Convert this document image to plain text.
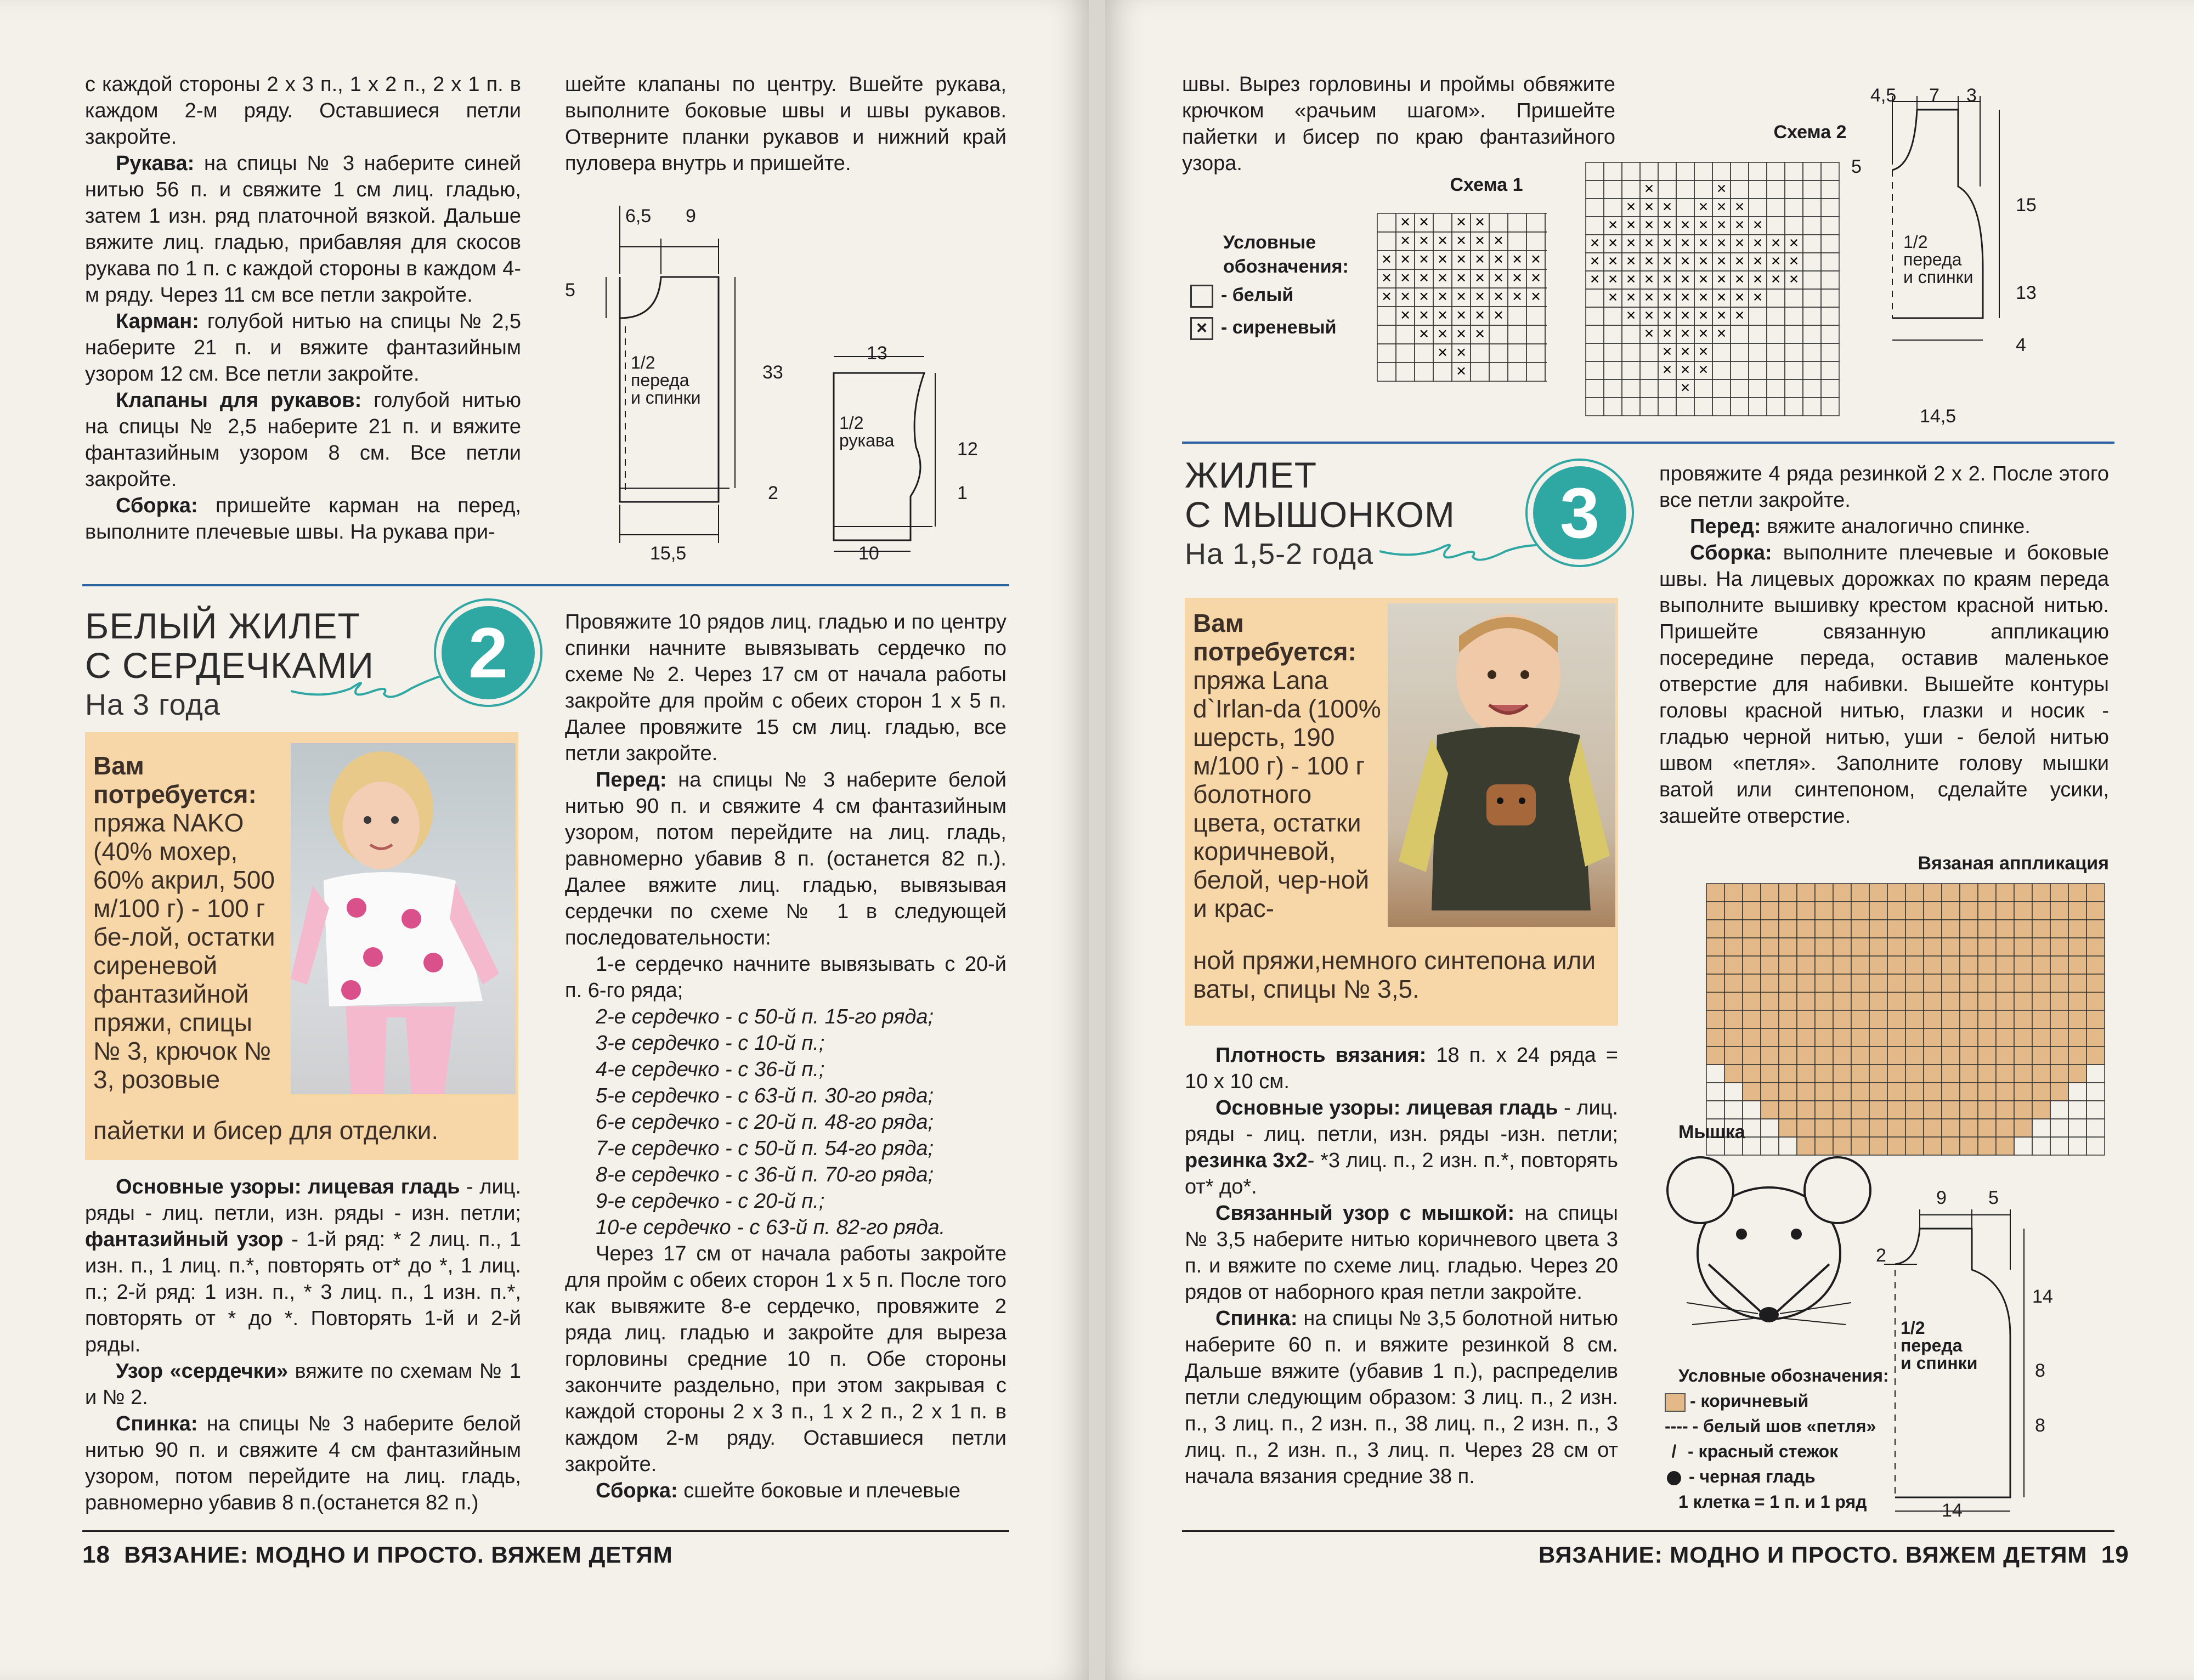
с каждой стороны 2 х 3 п., 1 х 2 п., 2 х 1 п. в каждом 2-м ряду. Оставшиеся петли закройте.

Рукава: на спицы № 3 наберите синей нитью 56 п. и свяжите 1 см лиц. гладью, затем 1 изн. ряд платочной вязкой. Дальше вяжите лиц. гладью, прибавляя для скосов рукава по 1 п. с каждой стороны в каждом 4-м ряду. Через 11 см все петли закройте.

Карман: голубой нитью на спицы № 2,5 наберите 21 п. и вяжите фантазийным узором 12 см. Все петли закройте.

Клапаны для рукавов: голубой нитью на спицы № 2,5 наберите 21 п. и вяжите фантазийным узором 8 см. Все петли закройте.

Сборка: пришейте карман на перед, выполните плечевые швы. На рукава при-

шейте клапаны по центру. Вшейте рукава, выполните боковые швы и швы рукавов. Отверните планки рукавов и нижний край пуловера внутрь и пришейте.

6,5 9
5
33
2
15,5
1/2
переда
и спинки
13
12
1
10
1/2
рукава
БЕЛЫЙ ЖИЛЕТ
С СЕРДЕЧКАМИ
На 3 года
2
Вам потребуется:
пряжа NAKO (40% мохер, 60% акрил, 500 м/100 г) - 100 г бе-лой, остатки сиреневой фантазийной пряжи, спицы № 3, крючок № 3, розовые
пайетки и бисер для отделки.

Основные узоры: лицевая гладь - лиц. ряды - лиц. петли, изн. ряды - изн. петли; фантазийный узор - 1-й ряд: * 2 лиц. п., 1 изн. п., 1 лиц. п.*, повторять от* до *, 1 лиц. п.; 2-й ряд: 1 изн. п., * 3 лиц. п., 1 изн. п.*, повторять от * до *. Повторять 1-й и 2-й ряды.

Узор «сердечки» вяжите по схемам № 1 и № 2.

Спинка: на спицы № 3 наберите белой нитью 90 п. и свяжите 4 см фантазийным узором, потом перейдите на лиц. гладь, равномерно убавив 8 п.(останется 82 п.)

Провяжите 10 рядов лиц. гладью и по центру спинки начните вывязывать сердечко по схеме № 2. Через 17 см от начала работы закройте для пройм с обеих сторон 1 х 5 п. Далее провяжите 15 см лиц. гладью, все петли закройте.

Перед: на спицы № 3 наберите белой нитью 90 п. и свяжите 4 см фантазийным узором, потом перейдите на лиц. гладь, равномерно убавив 8 п. (останется 82 п.). Далее вяжите лиц. гладью, вывязывая сердечки по схеме № 1 в следующей последовательности:

1-е сердечко начните вывязывать с 20-й п. 6-го ряда;

2-е сердечко - с 50-й п. 15-го ряда;

3-е сердечко - с 10-й п.;

4-е сердечко - с 36-й п.;

5-е сердечко - с 63-й п. 30-го ряда;

6-е сердечко - с 20-й п. 48-го ряда;

7-е сердечко - с 50-й п. 54-го ряда;

8-е сердечко - с 36-й п. 70-го ряда;

9-е сердечко - с 20-й п.;

10-е сердечко - с 63-й п. 82-го ряда.

Через 17 см от начала работы закройте для пройм с обеих сторон 1 х 5 п. После того как вывяжите 8-е сердечко, провяжите 2 ряда лиц. гладью и закройте для выреза горловины средние 10 п. Обе стороны закончите раздельно, при этом закрывая с каждой стороны 2 х 3 п., 1 х 2 п., 2 х 1 п. в каждом 2-м ряду. Оставшиеся петли закройте.

Сборка: сшейте боковые и плечевые

18 ВЯЗАНИЕ: МОДНО И ПРОСТО. ВЯЖЕМ ДЕТЯМ

швы. Вырез горловины и проймы обвяжите крючком «рачьим шагом». Пришейте пайетки и бисер по краю фантазийного узора.

Условные
обозначения:
- белый
× - сиреневый
Схема 1
× × × ×
× × × × × ×
× × × × × × × × ×
× × × × × × × × ×
× × × × × × × × ×
× × × × × ×
× × × ×
× ×
×
Схема 2
×	×
× × × × × ×
× × × × × × × × ×
× × × × × × × × × × × ×
× × × × × × × × × × × ×
× × × × × × × × × × × ×
× × × × × × × × ×
× × × × × × ×
× × × × ×
× × ×
× × ×
×
4,5 7 3
5
15
13
4
14,5
1/2
переда
и спинки
ЖИЛЕТ
С МЫШОНКОМ
На 1,5-2 года
3
Вам потребуется:
пряжа Lana d`Irlan-da (100% шерсть, 190 м/100 г) - 100 г болотного цвета, остатки коричневой, белой, чер-ной и крас-
ной пряжи,немного синтепона или ваты, спицы № 3,5.

Плотность вязания: 18 п. х 24 ряда = 10 х 10 см.

Основные узоры: лицевая гладь - лиц. ряды - лиц. петли, изн. ряды -изн. петли; резинка 3х2- *3 лиц. п., 2 изн. п.*, повторять от* до*.

Связанный узор с мышкой: на спицы № 3,5 наберите нитью коричневого цвета 3 п. и вяжите по схеме лиц. гладью. Через 20 рядов от наборного края петли закройте.

Спинка: на спицы № 3,5 болотной нитью наберите 60 п. и вяжите резинкой 8 см. Дальше вяжите (убавив 1 п.), распределив петли следующим образом: 3 лиц. п., 2 изн. п., 3 лиц. п., 2 изн. п., 38 лиц. п., 2 изн. п., 3 лиц. п., 2 изн. п., 3 лиц. п. Через 28 см от начала вязания средние 38 п.

провяжите 4 ряда резинкой 2 х 2. После этого все петли закройте.

Перед: вяжите аналогично спинке.

Сборка: выполните плечевые и боковые швы. На лицевых дорожках по краям переда выполните вышивку крестом красной нитью. Пришейте связанную аппликацию посередине переда, оставив маленькое отверстие для набивки. Вышейте контуры головы красной нитью, глазки и носик - гладью черной нитью, уши - белой нитью швом «петля». Заполните голову мышки ватой или синтепоном, сделайте усики, зашейте отверстие.

Вязаная аппликация
Мышка
9 5
2
14
8
8
14
1/2
переда
и спинки
Условные обозначения:
- коричневый
---- - белый шов «петля»
/ - красный стежок
- черная гладь
1 клетка = 1 п. и 1 ряд
ВЯЗАНИЕ: МОДНО И ПРОСТО. ВЯЖЕМ ДЕТЯМ 19
